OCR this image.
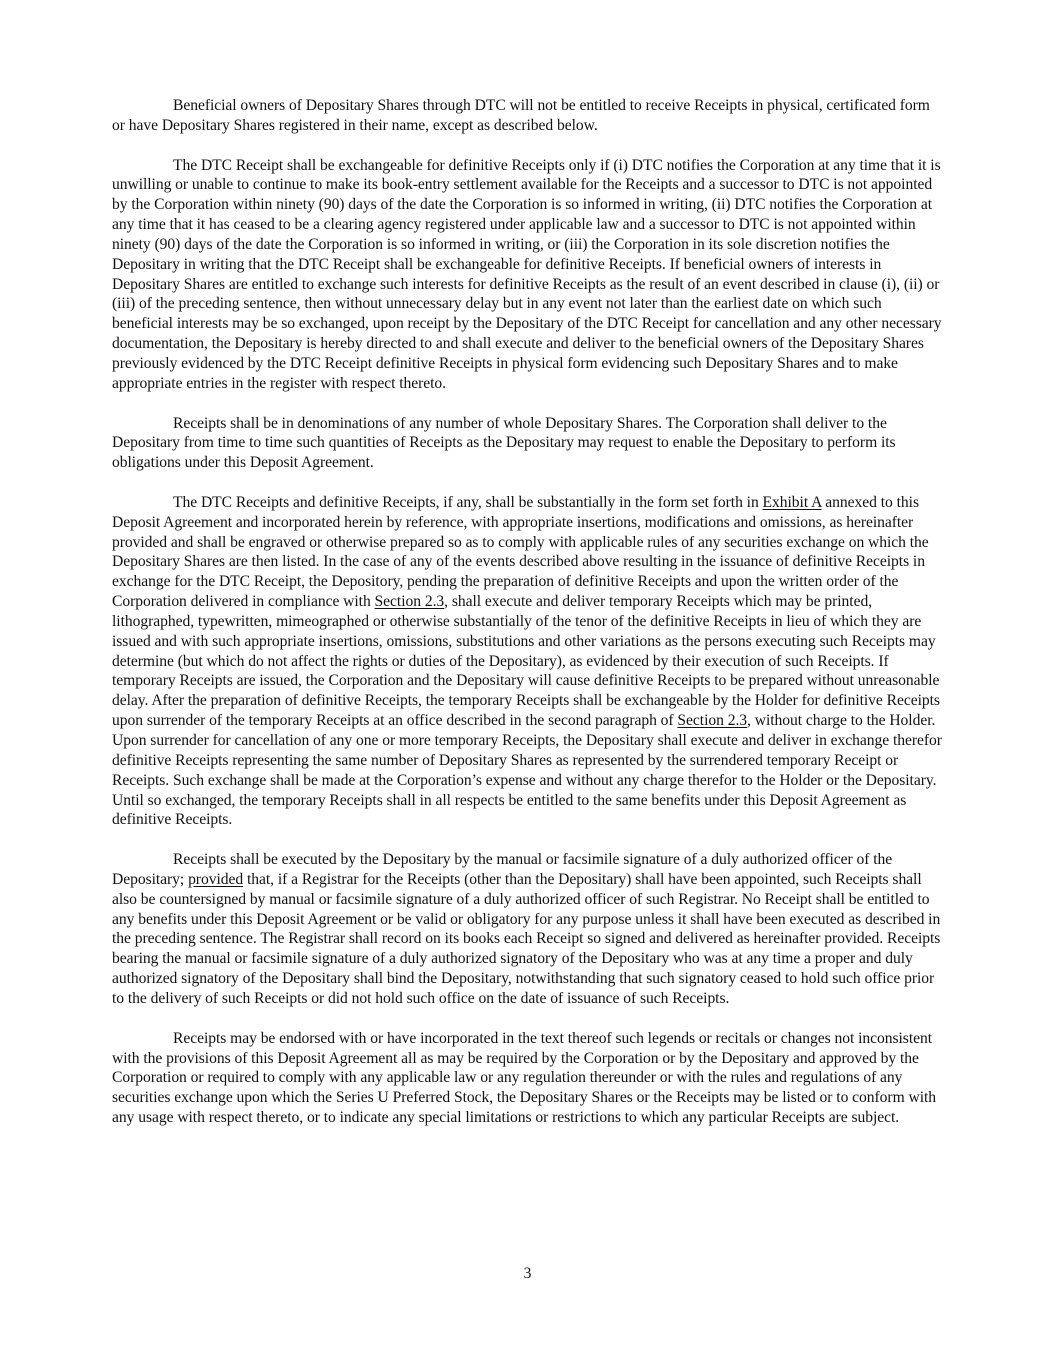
Beneficial owners of Depositary Shares through DTC will not be entitled to receive Receipts in physical, certificated form or have Depositary Shares registered in their name, except as described below.

The DTC Receipt shall be exchangeable for definitive Receipts only if (i) DTC notifies the Corporation at any time that it is unwilling or unable to continue to make its book-entry settlement available for the Receipts and a successor to DTC is not appointed by the Corporation within ninety (90) days of the date the Corporation is so informed in writing, (ii) DTC notifies the Corporation at any time that it has ceased to be a clearing agency registered under applicable law and a successor to DTC is not appointed within ninety (90) days of the date the Corporation is so informed in writing, or (iii) the Corporation in its sole discretion notifies the Depositary in writing that the DTC Receipt shall be exchangeable for definitive Receipts. If beneficial owners of interests in Depositary Shares are entitled to exchange such interests for definitive Receipts as the result of an event described in clause (i), (ii) or (iii) of the preceding sentence, then without unnecessary delay but in any event not later than the earliest date on which such beneficial interests may be so exchanged, upon receipt by the Depositary of the DTC Receipt for cancellation and any other necessary documentation, the Depositary is hereby directed to and shall execute and deliver to the beneficial owners of the Depositary Shares previously evidenced by the DTC Receipt definitive Receipts in physical form evidencing such Depositary Shares and to make appropriate entries in the register with respect thereto.

Receipts shall be in denominations of any number of whole Depositary Shares. The Corporation shall deliver to the Depositary from time to time such quantities of Receipts as the Depositary may request to enable the Depositary to perform its obligations under this Deposit Agreement.

The DTC Receipts and definitive Receipts, if any, shall be substantially in the form set forth in Exhibit A annexed to this Deposit Agreement and incorporated herein by reference, with appropriate insertions, modifications and omissions, as hereinafter provided and shall be engraved or otherwise prepared so as to comply with applicable rules of any securities exchange on which the Depositary Shares are then listed. In the case of any of the events described above resulting in the issuance of definitive Receipts in exchange for the DTC Receipt, the Depository, pending the preparation of definitive Receipts and upon the written order of the Corporation delivered in compliance with Section 2.3, shall execute and deliver temporary Receipts which may be printed, lithographed, typewritten, mimeographed or otherwise substantially of the tenor of the definitive Receipts in lieu of which they are issued and with such appropriate insertions, omissions, substitutions and other variations as the persons executing such Receipts may determine (but which do not affect the rights or duties of the Depositary), as evidenced by their execution of such Receipts. If temporary Receipts are issued, the Corporation and the Depositary will cause definitive Receipts to be prepared without unreasonable delay. After the preparation of definitive Receipts, the temporary Receipts shall be exchangeable by the Holder for definitive Receipts upon surrender of the temporary Receipts at an office described in the second paragraph of Section 2.3, without charge to the Holder. Upon surrender for cancellation of any one or more temporary Receipts, the Depositary shall execute and deliver in exchange therefor definitive Receipts representing the same number of Depositary Shares as represented by the surrendered temporary Receipt or Receipts. Such exchange shall be made at the Corporation’s expense and without any charge therefor to the Holder or the Depositary. Until so exchanged, the temporary Receipts shall in all respects be entitled to the same benefits under this Deposit Agreement as definitive Receipts.

Receipts shall be executed by the Depositary by the manual or facsimile signature of a duly authorized officer of the Depositary; provided that, if a Registrar for the Receipts (other than the Depositary) shall have been appointed, such Receipts shall also be countersigned by manual or facsimile signature of a duly authorized officer of such Registrar. No Receipt shall be entitled to any benefits under this Deposit Agreement or be valid or obligatory for any purpose unless it shall have been executed as described in the preceding sentence. The Registrar shall record on its books each Receipt so signed and delivered as hereinafter provided. Receipts bearing the manual or facsimile signature of a duly authorized signatory of the Depositary who was at any time a proper and duly authorized signatory of the Depositary shall bind the Depositary, notwithstanding that such signatory ceased to hold such office prior to the delivery of such Receipts or did not hold such office on the date of issuance of such Receipts.

Receipts may be endorsed with or have incorporated in the text thereof such legends or recitals or changes not inconsistent with the provisions of this Deposit Agreement all as may be required by the Corporation or by the Depositary and approved by the Corporation or required to comply with any applicable law or any regulation thereunder or with the rules and regulations of any securities exchange upon which the Series U Preferred Stock, the Depositary Shares or the Receipts may be listed or to conform with any usage with respect thereto, or to indicate any special limitations or restrictions to which any particular Receipts are subject.

3
